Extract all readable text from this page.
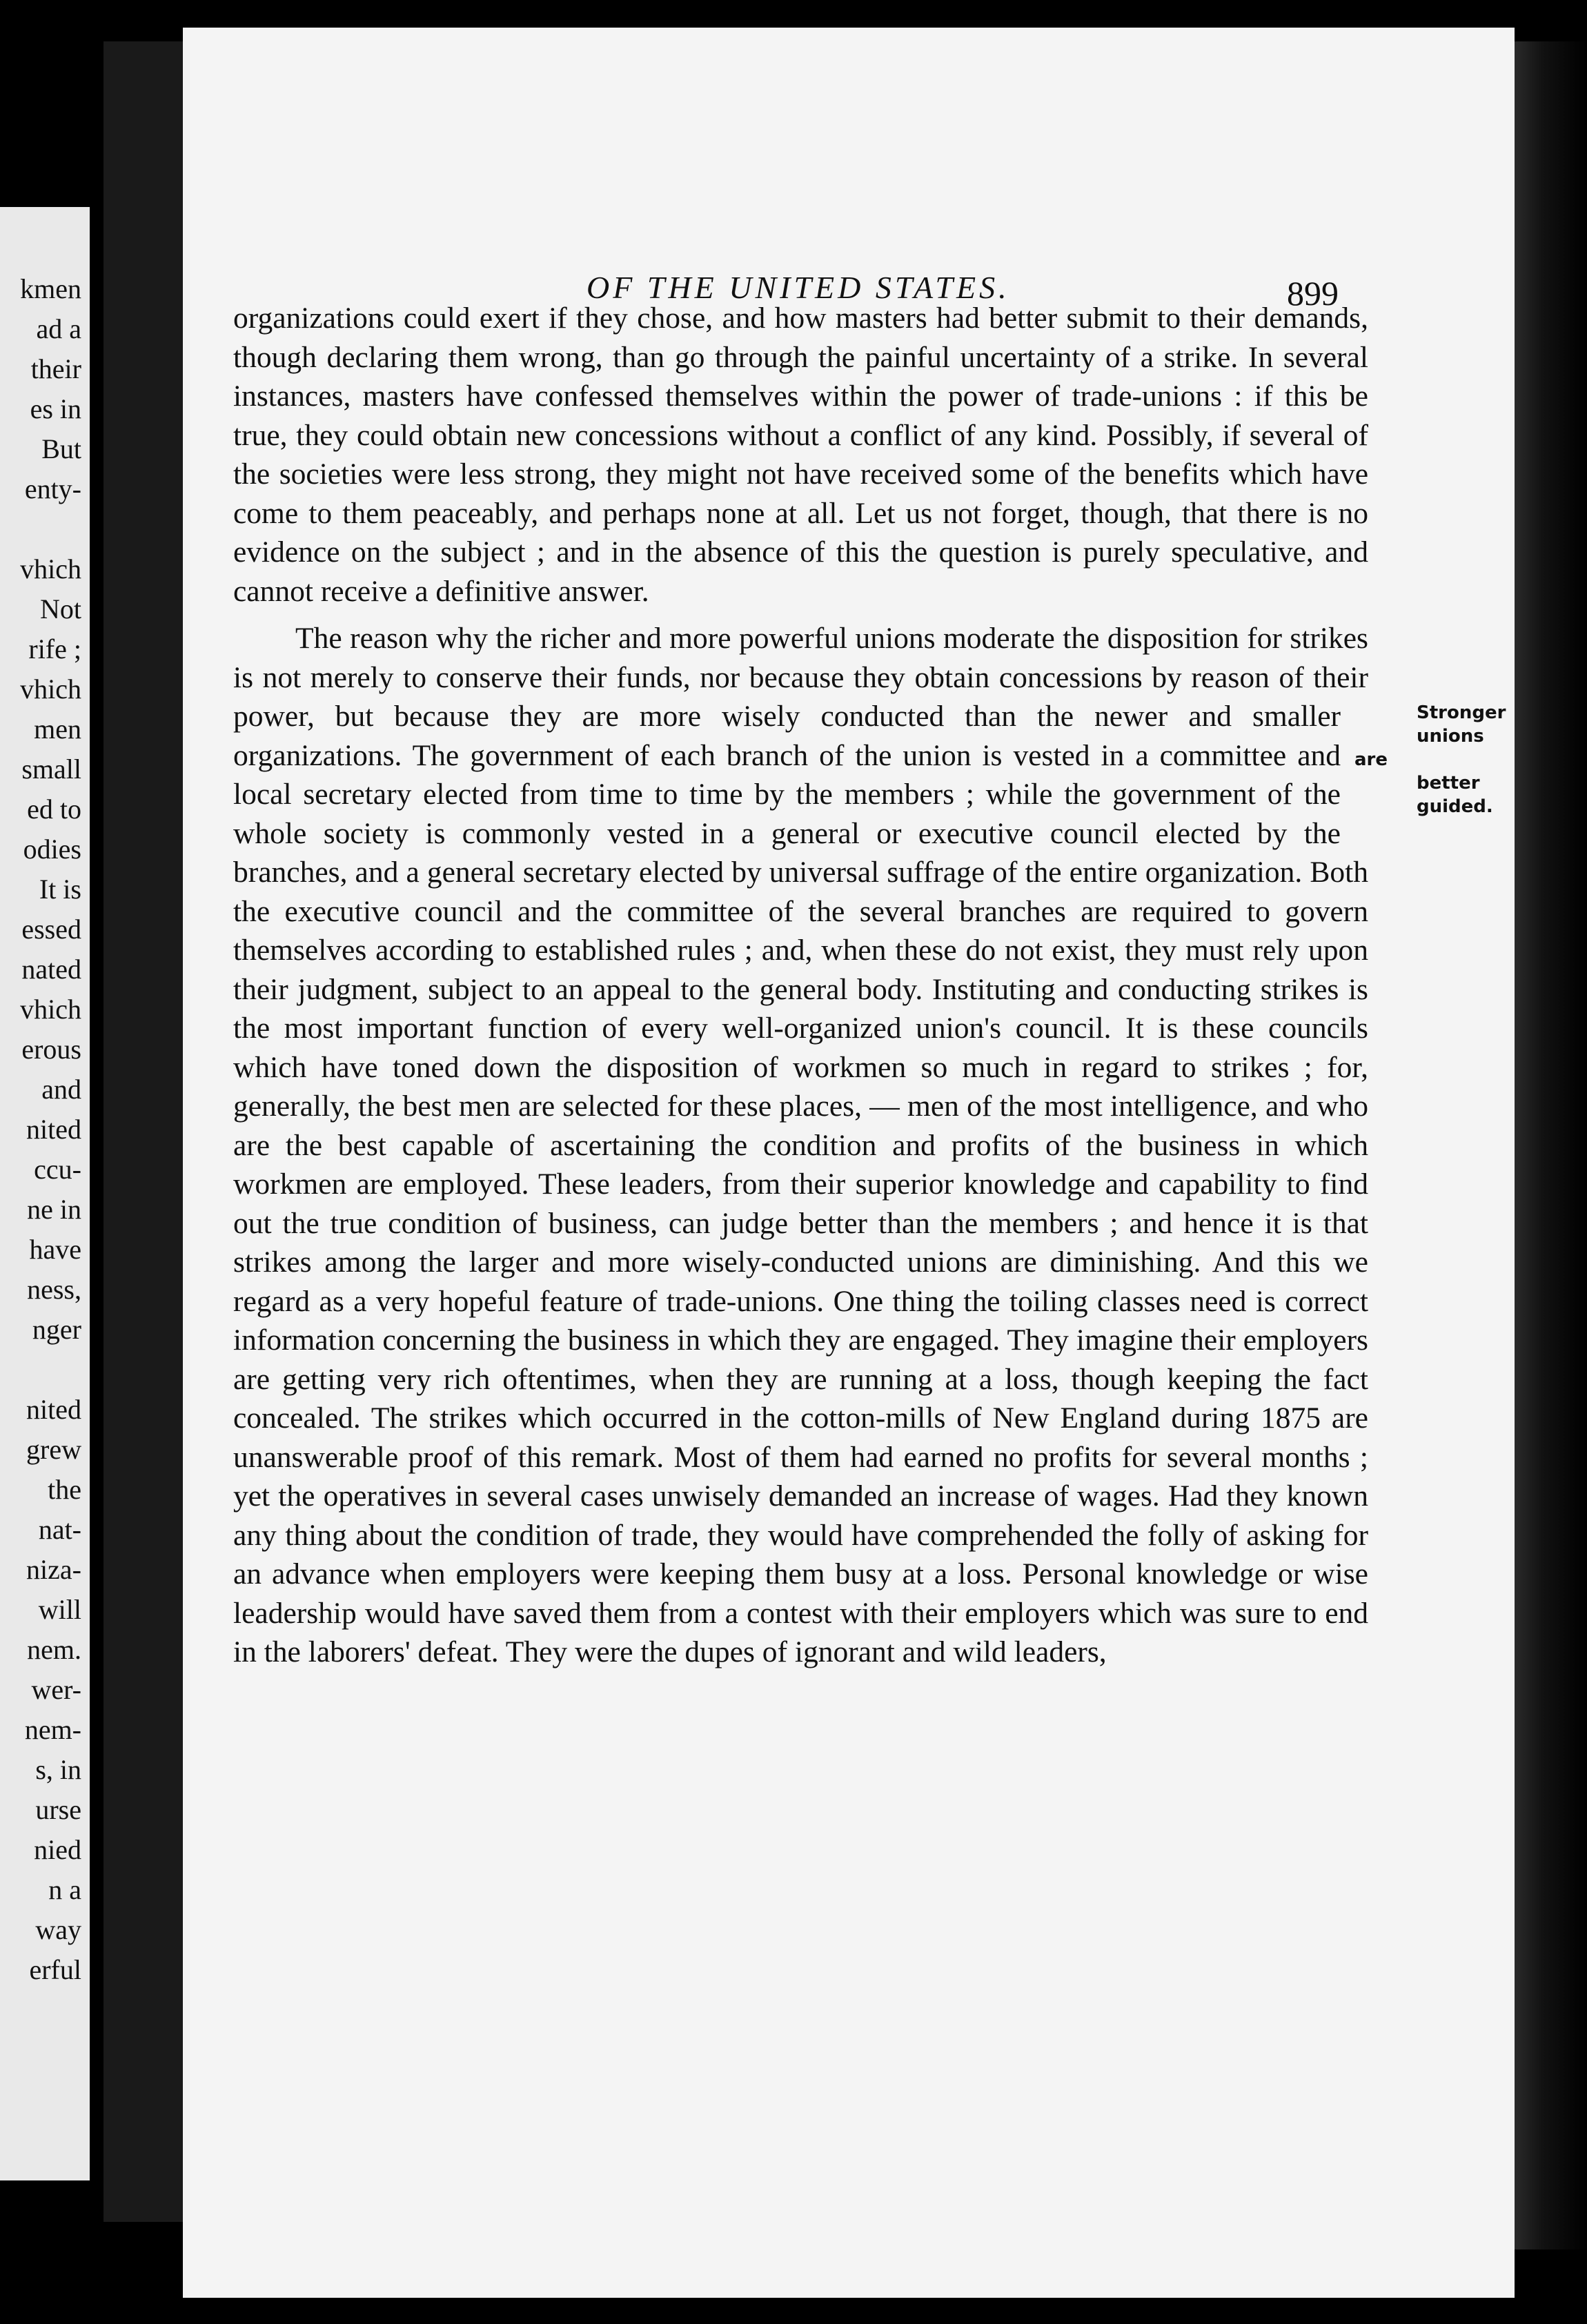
kmen
ad a
their
es in
But
enty-
vhich
Not
rife ;
vhich
men
small
ed to
odies
It is
essed
nated
vhich
erous
and
nited
ccu-
ne in
have
ness,
nger
nited
grew
the
nat-
niza-
will
nem.
wer-
nem-
s, in
urse
nied
n a
way
erful
OF THE UNITED STATES.	899

organizations could exert if they chose, and how masters had better submit to their demands, though declaring them wrong, than go through the painful uncertainty of a strike. In several instances, masters have confessed themselves within the power of trade-unions : if this be true, they could obtain new concessions without a conflict of any kind. Possibly, if several of the societies were less strong, they might not have received some of the benefits which have come to them peaceably, and perhaps none at all. Let us not forget, though, that there is no evidence on the subject ; and in the absence of this the question is purely speculative, and cannot receive a definitive answer.

The reason why the richer and more powerful unions moderate the disposition for strikes is not merely to conserve their funds, nor because they obtain concessions by reason of their power, but because they are more	Stronger
unions are
better
guided.
wisely conducted than the newer and smaller organizations. The government of each branch of the union is vested in a committee and local secretary elected from time to time by the members ; while the government of the whole society is commonly vested in a general or executive council elected by the branches, and a general secretary elected by universal suffrage of the entire organization. Both the executive council and the committee of the several branches are required to govern themselves according to established rules ; and, when these do not exist, they must rely upon their judgment, subject to an appeal to the general body. Instituting and conducting strikes is the most important function of every well-organized union's council. It is these councils which have toned down the disposition of workmen so much in regard to strikes ; for, generally, the best men are selected for these places, — men of the most intelligence, and who are the best capable of ascertaining the condition and profits of the business in which workmen are employed. These leaders, from their superior knowledge and capability to find out the true condition of business, can judge better than the members ; and hence it is that strikes among the larger and more wisely-conducted unions are diminishing. And this we regard as a very hopeful feature of trade-unions. One thing the toiling classes need is correct information concerning the business in which they are engaged. They imagine their employers are getting very rich oftentimes, when they are running at a loss, though keeping the fact concealed. The strikes which occurred in the cotton-mills of New England during 1875 are unanswerable proof of this remark. Most of them had earned no profits for several months ; yet the operatives in several cases unwisely demanded an increase of wages. Had they known any thing about the condition of trade, they would have comprehended the folly of asking for an advance when employers were keeping them busy at a loss. Personal knowledge or wise leadership would have saved them from a contest with their employers which was sure to end in the laborers' defeat. They were the dupes of ignorant and wild leaders,
